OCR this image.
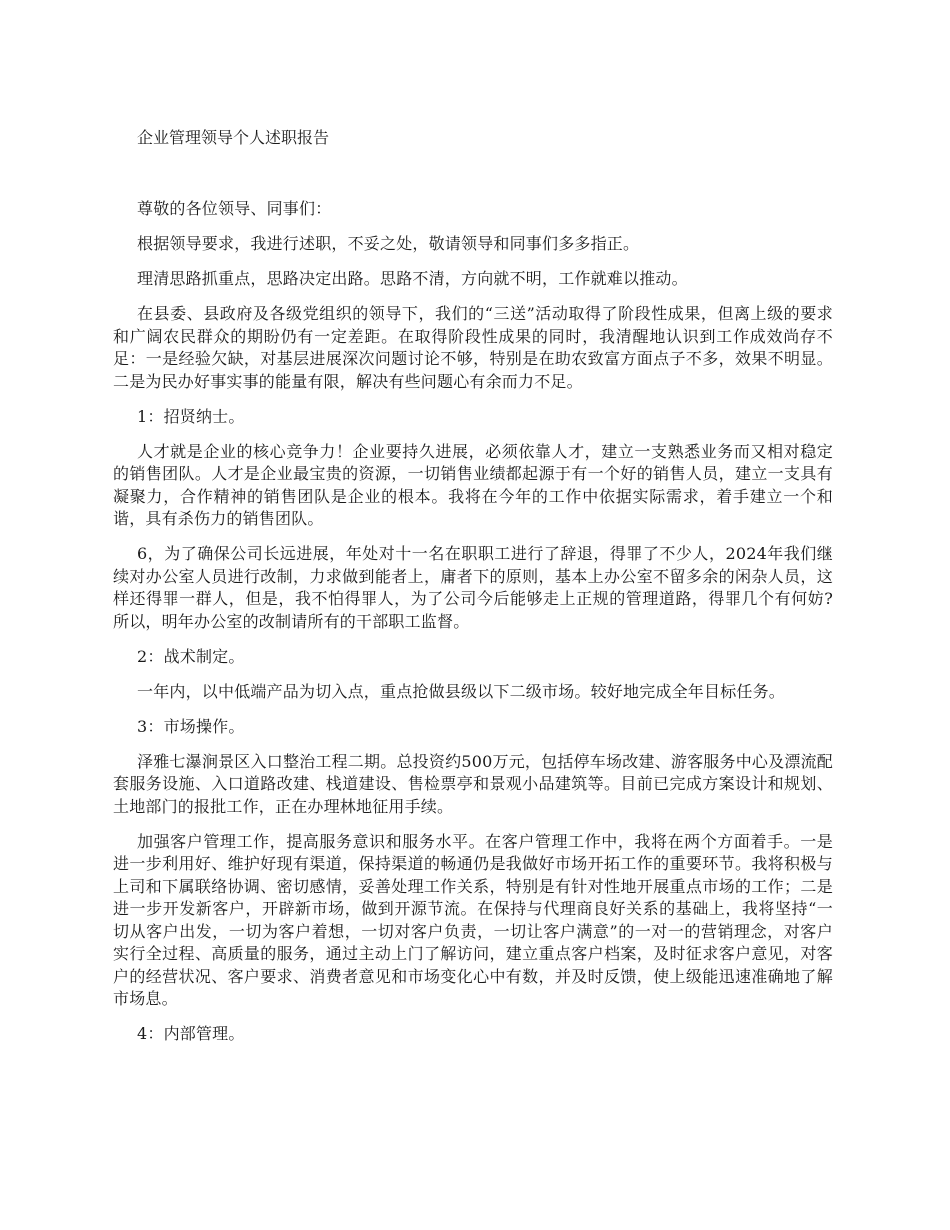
企业管理领导个人述职报告

尊敬的各位领导、同事们：

根据领导要求，我进行述职，不妥之处，敬请领导和同事们多多指正。

理清思路抓重点，思路决定出路。思路不清，方向就不明，工作就难以推动。

在县委、县政府及各级党组织的领导下，我们的“三送”活动取得了阶段性成果，但离上级的要求和广阔农民群众的期盼仍有一定差距。在取得阶段性成果的同时，我清醒地认识到工作成效尚存不足：一是经验欠缺，对基层进展深次问题讨论不够，特别是在助农致富方面点子不多，效果不明显。二是为民办好事实事的能量有限，解决有些问题心有余而力不足。

1：招贤纳士。

人才就是企业的核心竞争力！企业要持久进展，必须依靠人才，建立一支熟悉业务而又相对稳定的销售团队。人才是企业最宝贵的资源，一切销售业绩都起源于有一个好的销售人员，建立一支具有凝聚力，合作精神的销售团队是企业的根本。我将在今年的工作中依据实际需求，着手建立一个和谐，具有杀伤力的销售团队。

6，为了确保公司长远进展，年处对十一名在职职工进行了辞退，得罪了不少人，2024年我们继续对办公室人员进行改制，力求做到能者上，庸者下的原则，基本上办公室不留多余的闲杂人员，这样还得罪一群人，但是，我不怕得罪人，为了公司今后能够走上正规的管理道路，得罪几个有何妨?所以，明年办公室的改制请所有的干部职工监督。

2：战术制定。

一年内，以中低端产品为切入点，重点抢做县级以下二级市场。较好地完成全年目标任务。

3：市场操作。

泽雅七瀑涧景区入口整治工程二期。总投资约500万元，包括停车场改建、游客服务中心及漂流配套服务设施、入口道路改建、栈道建设、售检票亭和景观小品建筑等。目前已完成方案设计和规划、土地部门的报批工作，正在办理林地征用手续。

加强客户管理工作，提高服务意识和服务水平。在客户管理工作中，我将在两个方面着手。一是进一步利用好、维护好现有渠道，保持渠道的畅通仍是我做好市场开拓工作的重要环节。我将积极与上司和下属联络协调、密切感情，妥善处理工作关系，特别是有针对性地开展重点市场的工作；二是进一步开发新客户，开辟新市场，做到开源节流。在保持与代理商良好关系的基础上，我将坚持“一切从客户出发，一切为客户着想，一切对客户负责，一切让客户满意”的一对一的营销理念，对客户实行全过程、高质量的服务，通过主动上门了解访问，建立重点客户档案，及时征求客户意见，对客户的经营状况、客户要求、消费者意见和市场变化心中有数，并及时反馈，使上级能迅速准确地了解市场息。

4：内部管理。
